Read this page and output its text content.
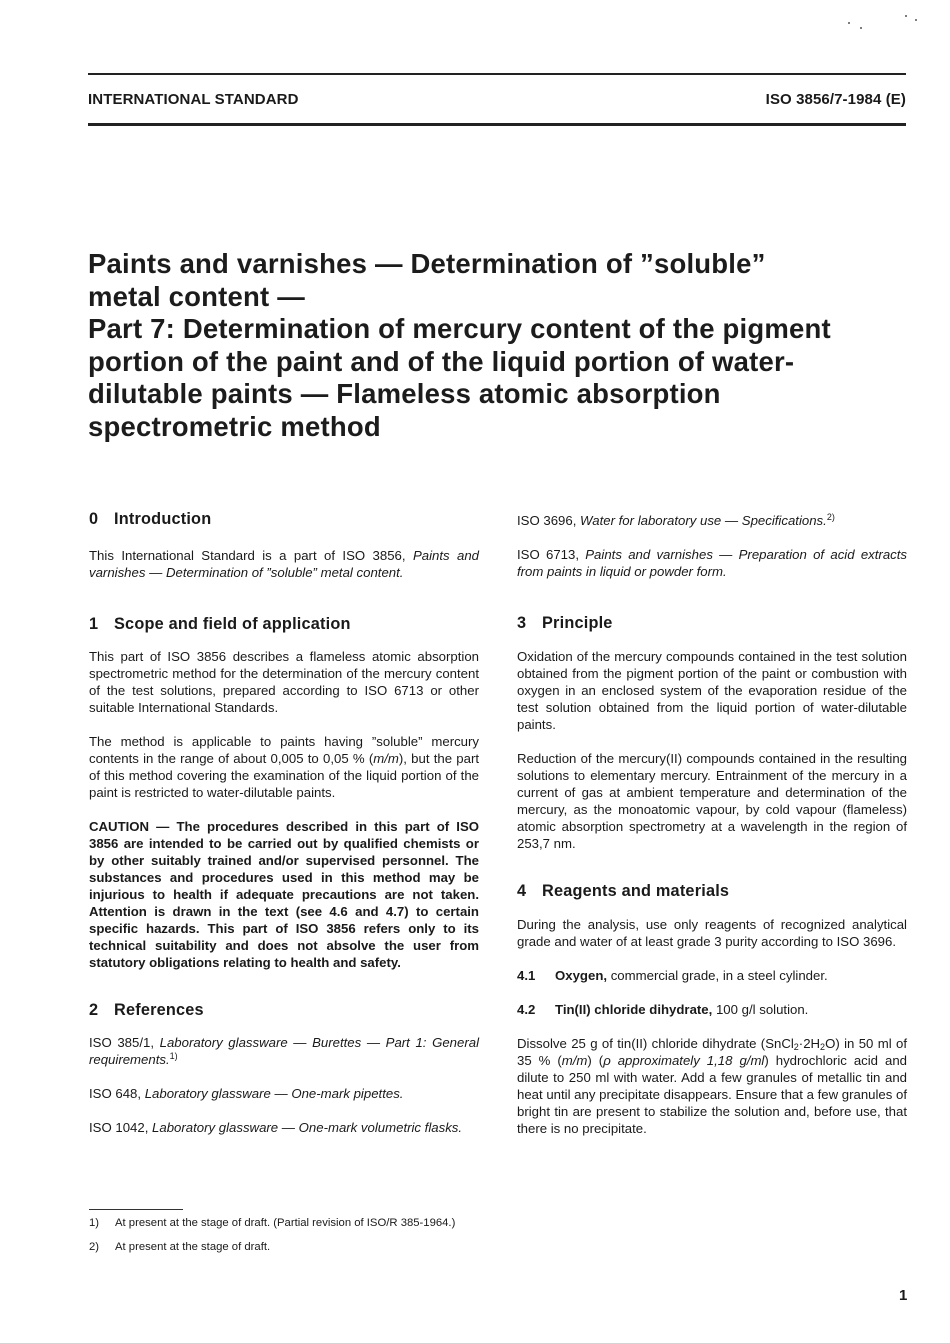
INTERNATIONAL STANDARD	ISO 3856/7-1984 (E)
Paints and varnishes — Determination of ”soluble”
metal content —
Part 7: Determination of mercury content of the pigment
portion of the paint and of the liquid portion of water-
dilutable paints — Flameless atomic absorption
spectrometric method
0 Introduction

This International Standard is a part of ISO 3856, Paints and varnishes — Determination of ”soluble” metal content.

1 Scope and field of application

This part of ISO 3856 describes a flameless atomic absorption spectrometric method for the determination of the mercury content of the test solutions, prepared according to ISO 6713 or other suitable International Standards.

The method is applicable to paints having ”soluble” mercury contents in the range of about 0,005 to 0,05 % (m/m), but the part of this method covering the examination of the liquid portion of the paint is restricted to water-dilutable paints.

CAUTION — The procedures described in this part of ISO 3856 are intended to be carried out by qualified chemists or by other suitably trained and/or supervised personnel. The substances and procedures used in this method may be injurious to health if adequate precautions are not taken. Attention is drawn in the text (see 4.6 and 4.7) to certain specific hazards. This part of ISO 3856 refers only to its technical suitability and does not absolve the user from statutory obligations relating to health and safety.

2 References

ISO 385/1, Laboratory glassware — Burettes — Part 1: General requirements.$^{1)}$

ISO 648, Laboratory glassware — One-mark pipettes.

ISO 1042, Laboratory glassware — One-mark volumetric flasks.

ISO 3696, Water for laboratory use — Specifications.$^{2)}$

ISO 6713, Paints and varnishes — Preparation of acid extracts from paints in liquid or powder form.

3 Principle

Oxidation of the mercury compounds contained in the test solution obtained from the pigment portion of the paint or combustion with oxygen in an enclosed system of the evaporation residue of the test solution obtained from the liquid portion of water-dilutable paints.

Reduction of the mercury(II) compounds contained in the resulting solutions to elementary mercury. Entrainment of the mercury in a current of gas at ambient temperature and determination of the mercury, as the monoatomic vapour, by cold vapour (flameless) atomic absorption spectrometry at a wavelength in the region of 253,7 nm.

4 Reagents and materials

During the analysis, use only reagents of recognized analytical grade and water of at least grade 3 purity according to ISO 3696.

4.1 Oxygen, commercial grade, in a steel cylinder.

4.2 Tin(II) chloride dihydrate, 100 g/l solution.

Dissolve 25 g of tin(II) chloride dihydrate $(SnCl_2\cdot 2H_2O)$ in 50 ml of 35 % (m/m) (ρ approximately 1,18 g/ml) hydrochloric acid and dilute to 250 ml with water. Add a few granules of metallic tin and heat until any precipitate disappears. Ensure that a few granules of bright tin are present to stabilize the solution and, before use, that there is no precipitate.

1) At present at the stage of draft. (Partial revision of ISO/R 385-1964.)
2) At present at the stage of draft.
1
